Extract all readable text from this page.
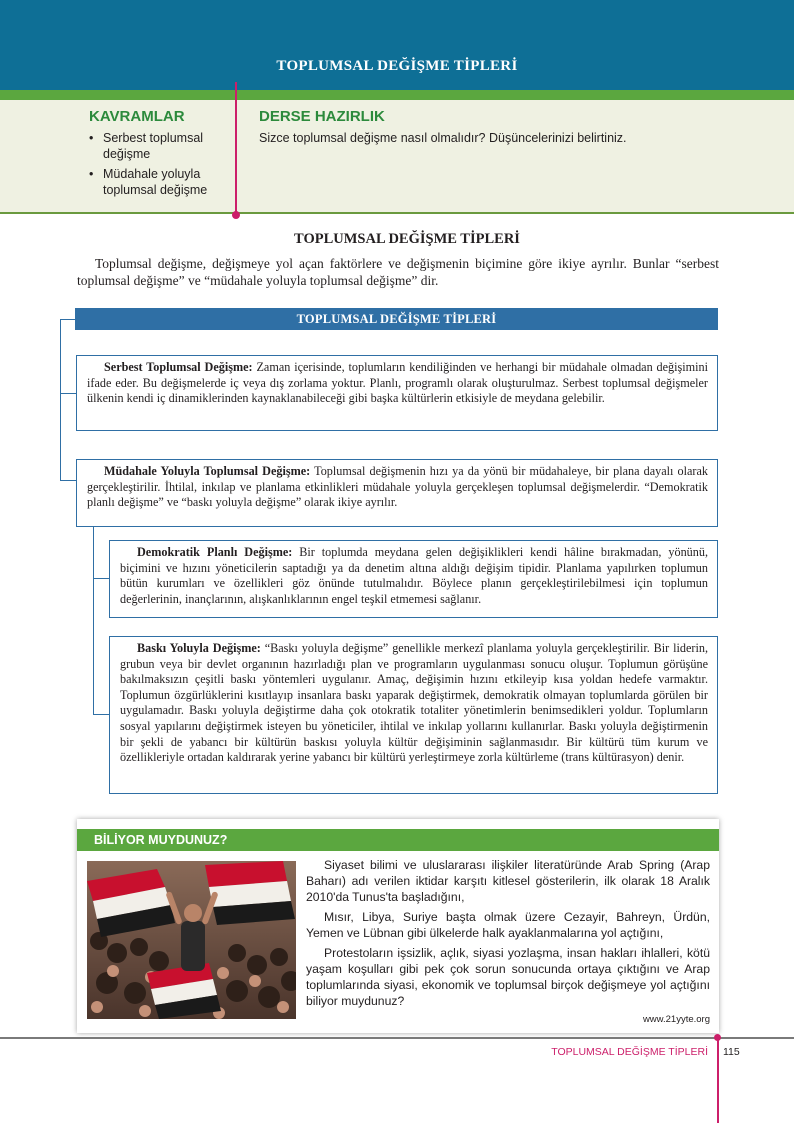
TOPLUMSAL DEĞİŞME TİPLERİ
KAVRAMLAR
• Serbest toplumsal değişme
• Müdahale yoluyla toplumsal değişme
DERSE HAZIRLIK
Sizce toplumsal değişme nasıl olmalıdır? Düşüncelerinizi belirtiniz.
TOPLUMSAL DEĞİŞME TİPLERİ

Toplumsal değişme, değişmeye yol açan faktörlere ve değişmenin biçimine göre ikiye ayrılır. Bunlar “serbest toplumsal değişme” ve “müdahale yoluyla toplumsal değişme” dir.

TOPLUMSAL DEĞİŞME TİPLERİ

Serbest Toplumsal Değişme: Zaman içerisinde, toplumların kendiliğinden ve herhangi bir müdahale olmadan değişimini ifade eder. Bu değişmelerde iç veya dış zorlama yoktur. Planlı, programlı olarak oluşturulmaz. Serbest toplumsal değişmeler ülkenin kendi iç dinamiklerinden kaynaklanabileceği gibi başka kültürlerin etkisiyle de meydana gelebilir.

Müdahale Yoluyla Toplumsal Değişme: Toplumsal değişmenin hızı ya da yönü bir müdahaleye, bir plana dayalı olarak gerçekleştirilir. İhtilal, inkılap ve planlama etkinlikleri müdahale yoluyla gerçekleşen toplumsal değişmelerdir. “Demokratik planlı değişme” ve “baskı yoluyla değişme” olarak ikiye ayrılır.

Demokratik Planlı Değişme: Bir toplumda meydana gelen değişiklikleri kendi hâline bırakmadan, yönünü, biçimini ve hızını yöneticilerin saptadığı ya da denetim altına aldığı değişim tipidir. Planlama yapılırken toplumun bütün kurumları ve özellikleri göz önünde tutulmalıdır. Böylece planın gerçekleştirilebilmesi için toplumun değerlerinin, inançlarının, alışkanlıklarının engel teşkil etmemesi sağlanır.

Baskı Yoluyla Değişme: “Baskı yoluyla değişme” genellikle merkezî planlama yoluyla gerçekleştirilir. Bir liderin, grubun veya bir devlet organının hazırladığı plan ve programların uygulanması sonucu oluşur. Toplumun görüşüne bakılmaksızın çeşitli baskı yöntemleri uygulanır. Amaç, değişimin hızını etkileyip kısa yoldan hedefe varmaktır. Toplumun özgürlüklerini kısıtlayıp insanlara baskı yaparak değiştirmek, demokratik olmayan toplumlarda görülen bir uygulamadır. Baskı yoluyla değiştirme daha çok otokratik totaliter yönetimlerin benimsedikleri yoldur. Toplumların sosyal yapılarını değiştirmek isteyen bu yöneticiler, ihtilal ve inkılap yollarını kullanırlar. Baskı yoluyla değiştirmenin bir şekli de yabancı bir kültürün baskısı yoluyla kültür değişiminin sağlanmasıdır. Bir kültürü tüm kurum ve özellikleriyle ortadan kaldırarak yerine yabancı bir kültürü yerleştirmeye zorla kültürleme (trans kültürasyon) denir.

BİLİYOR MUYDUNUZ?

Siyaset bilimi ve uluslararası ilişkiler literatüründe Arab Spring (Arap Baharı) adı verilen iktidar karşıtı kitlesel gösterilerin, ilk olarak 18 Aralık 2010'da Tunus'ta başladığını,

Mısır, Libya, Suriye başta olmak üzere Cezayir, Bahreyn, Ürdün, Yemen ve Lübnan gibi ülkelerde halk ayaklanmalarına yol açtığını,

Protestoların işsizlik, açlık, siyasi yozlaşma, insan hakları ihlalleri, kötü yaşam koşulları gibi pek çok sorun sonucunda ortaya çıktığını ve Arap toplumlarında siyasi, ekonomik ve toplumsal birçok değişmeye yol açtığını biliyor muydunuz?

www.21yyte.org
TOPLUMSAL DEĞİŞME TİPLERİ 115
